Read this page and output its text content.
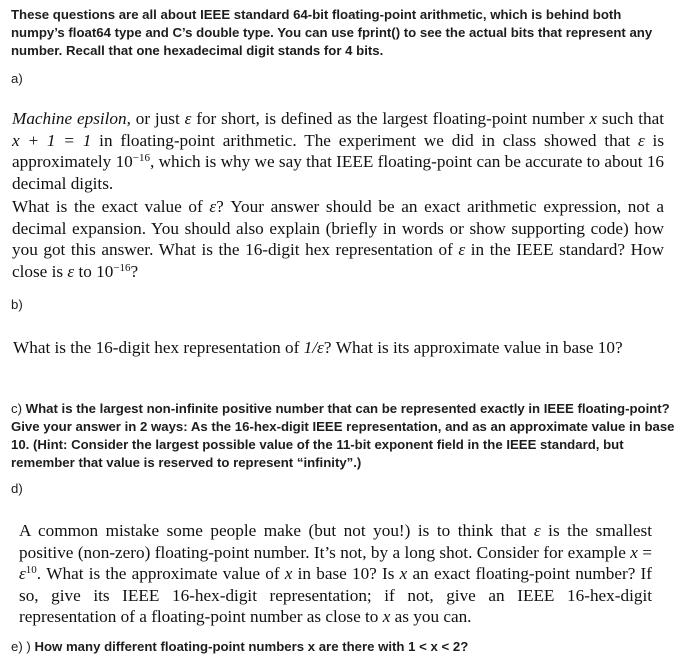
These questions are all about IEEE standard 64-bit floating-point arithmetic, which is behind both numpy’s float64 type and C’s double type. You can use fprint() to see the actual bits that represent any number. Recall that one hexadecimal digit stands for 4 bits.

a)

Machine epsilon, or just ε for short, is defined as the largest floating-point number x such that x + 1 = 1 in floating-point arithmetic. The experiment we did in class showed that ε is approximately $10^{-16}$, which is why we say that IEEE floating-point can be accurate to about 16 decimal digits.

What is the exact value of ε? Your answer should be an exact arithmetic expression, not a decimal expansion. You should also explain (briefly in words or show supporting code) how you got this answer. What is the 16-digit hex representation of ε in the IEEE standard? How close is ε to $10^{-16}$?

b)

What is the 16-digit hex representation of 1/ε? What is its approximate value in base 10?

c) What is the largest non-infinite positive number that can be represented exactly in IEEE floating-point? Give your answer in 2 ways: As the 16-hex-digit IEEE representation, and as an approximate value in base 10. (Hint: Consider the largest possible value of the 11-bit exponent field in the IEEE standard, but remember that value is reserved to represent “infinity”.)

d)

A common mistake some people make (but not you!) is to think that ε is the smallest positive (non-zero) floating-point number. It’s not, by a long shot. Consider for example $x = \varepsilon^{10}$. What is the approximate value of x in base 10? Is x an exact floating-point number? If so, give its IEEE 16-hex-digit representation; if not, give an IEEE 16-hex-digit representation of a floating-point number as close to x as you can.

e) ) How many different floating-point numbers x are there with 1 < x < 2?
